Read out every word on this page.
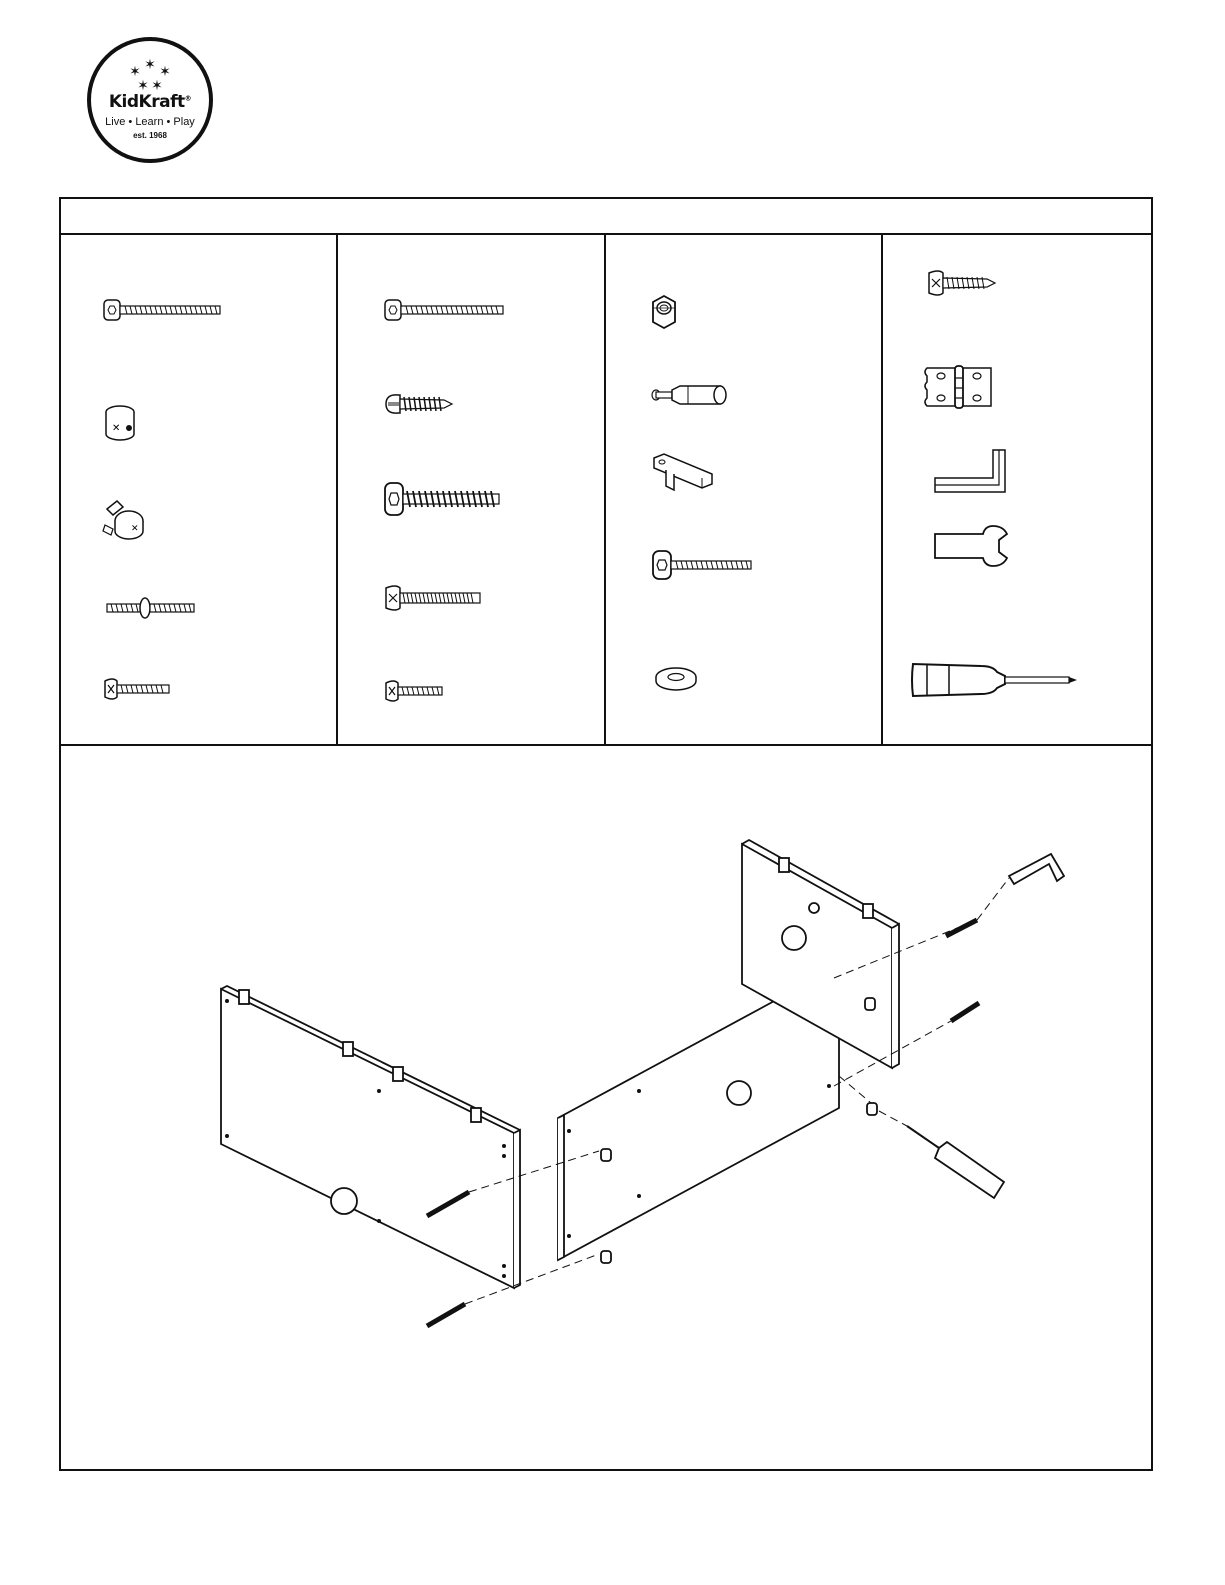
✶
✶ ✶
✶ ✶
KidKraft®
Live • Learn • Play
est. 1968
✕
✕
